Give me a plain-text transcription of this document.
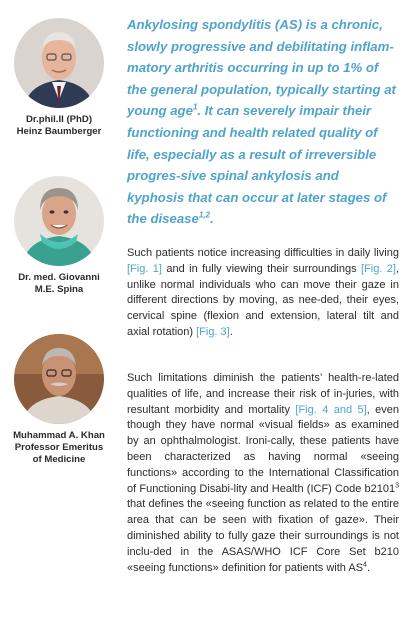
Dr.phil.II (PhD)
Heinz Baumberger
Dr. med. Giovanni
M.E. Spina
Muhammad A. Khan
Professor Emeritus
of Medicine

Ankylosing spondylitis (AS) is a chronic, slowly progressive and debilitating inflam-matory arthritis occurring in up to 1% of the general population, typically starting at young age$^1$. It can severely impair their functioning and health related quality of life, especially as a result of irreversible progres-sive spinal ankylosis and kyphosis that can occur at later stages of the disease$^{1,2}$.

Such patients notice increasing difficulties in daily living [Fig. 1] and in fully viewing their surroundings [Fig. 2], unlike normal individuals who can move their gaze in different directions by moving, as nee-ded, their eyes, cervical spine (flexion and extension, lateral tilt and axial rotation) [Fig. 3].

Such limitations diminish the patients’ health-re-lated qualities of life, and increase their risk of in-juries, with resultant morbidity and mortality [Fig. 4 and 5], even though they have normal «visual fields» as examined by an ophthalmologist. Ironi-cally, these patients have been characterized as having normal «seeing functions» according to the International Classification of Functioning Disabi-lity and Health (ICF) Code b2101$^3$ that defines the «seeing function as related to the entire area that can be seen with fixation of gaze». Their diminished ability to fully gaze their surroundings is not inclu-ded in the ASAS/WHO ICF Core Set b210 «seeing functions» definition for patients with $AS^4$.
